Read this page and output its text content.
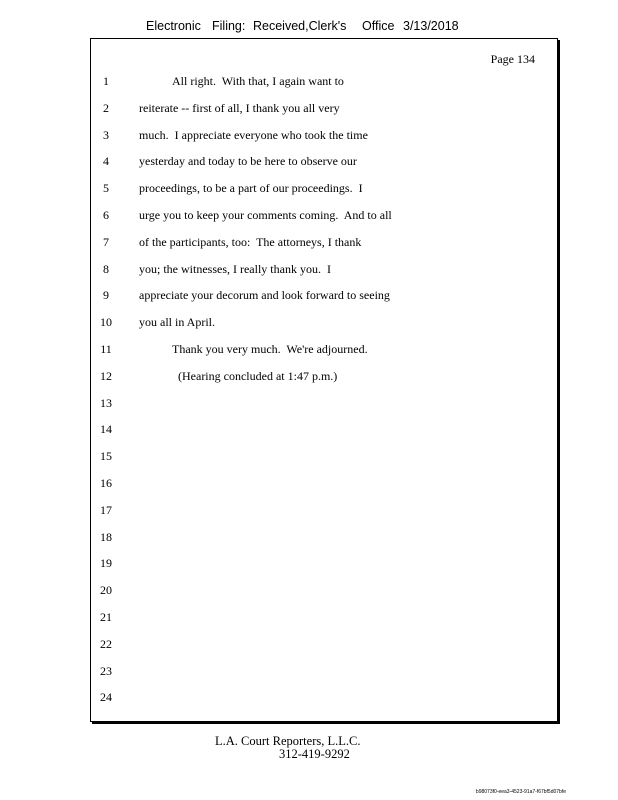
Electronic Filing: Received,Clerk's Office 3/13/2018
Page 134
1	All right.  With that, I again want to
2	reiterate -- first of all, I thank you all very
3	much.  I appreciate everyone who took the time
4	yesterday and today to be here to observe our
5	proceedings, to be a part of our proceedings.  I
6	urge you to keep your comments coming.  And to all
7	of the participants, too:  The attorneys, I thank
8	you; the witnesses, I really thank you.  I
9	appreciate your decorum and look forward to seeing
10 you all in April.
11	Thank you very much.  We're adjourned.
12	(Hearing concluded at 1:47 p.m.)
13
14
15
16
17
18
19
20
21
22
23
24
L.A. Court Reporters, L.L.C.
312-419-9292
b98073f0-eea3-4523-91a7-f67bf5d07bfe
